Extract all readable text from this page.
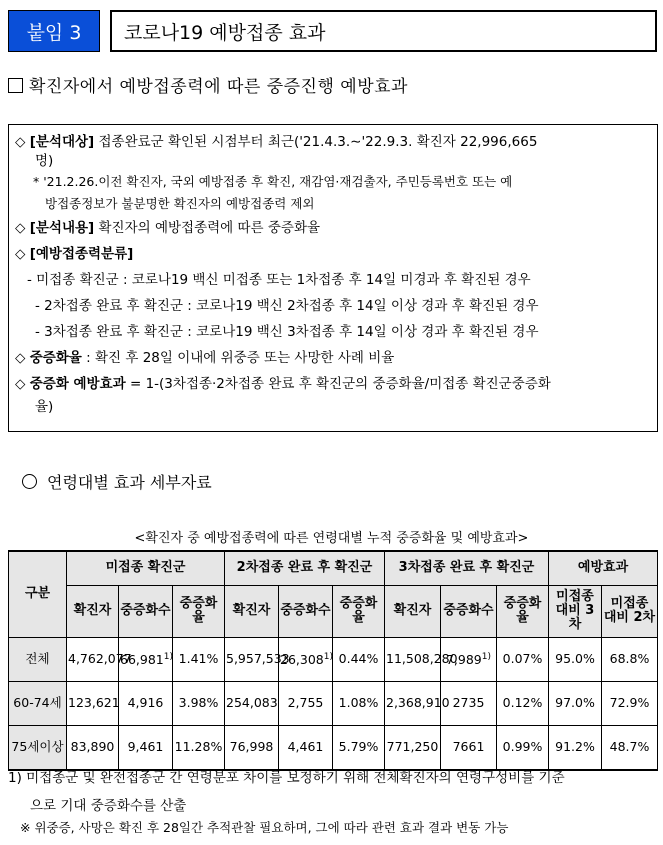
붙임 3	코로나19 예방접종 효과
확진자에서 예방접종력에 따른 중증진행 예방효과
◇ [분석대상] 접종완료군 확인된 시점부터 최근('21.4.3.∼'22.9.3. 확진자 22,996,665
명)
* '21.2.26.이전 확진자, 국외 예방접종 후 확진, 재감염·재검출자, 주민등록번호 또는 예
방접종정보가 불분명한 확진자의 예방접종력 제외
◇ [분석내용] 확진자의 예방접종력에 따른 중증화율
◇ [예방접종력분류]
- 미접종 확진군 : 코로나19 백신 미접종 또는 1차접종 후 14일 미경과 후 확진된 경우
- 2차접종 완료 후 확진군 : 코로나19 백신 2차접종 후 14일 이상 경과 후 확진된 경우
- 3차접종 완료 후 확진군 : 코로나19 백신 3차접종 후 14일 이상 경과 후 확진된 경우
◇ 중증화율 : 확진 후 28일 이내에 위중증 또는 사망한 사례 비율
◇ 중증화 예방효과 = 1-(3차접종·2차접종 완료 후 확진군의 중증화율/미접종 확진군중증화
율)
연령대별 효과 세부자료
<확진자 중 예방접종력에 따른 연령대별 누적 중증화율 및 예방효과>
구분	미접종 확진군			2차접종 완료 후 확진군			3차접종 완료 후 확진군			예방효과	
	확진자	중증화수	중증화율	확진자	중증화수	중증화율	확진자	중증화수	중증화율	미접종 대비 3차	미접종 대비 2차
전체	4,762,077	66,981$^{1)}$	1.41%	5,957,533	26,308$^{1)}$	0.44%	11,508,280	7,989$^{1)}$	0.07%	95.0%	68.8%
60-74세	123,621	4,916	3.98%	254,083	2,755	1.08%	2,368,910	2735	0.12%	97.0%	72.9%
75세이상	83,890	9,461	11.28%	76,998	4,461	5.79%	771,250	7661	0.99%	91.2%	48.7%
1) 미접종군 및 완전접종군 간 연령분포 차이를 보정하기 위해 전체확진자의 연령구성비를 기준
으로 기대 중증화수를 산출
※ 위중증, 사망은 확진 후 28일간 추적관찰 필요하며, 그에 따라 관련 효과 결과 변동 가능
